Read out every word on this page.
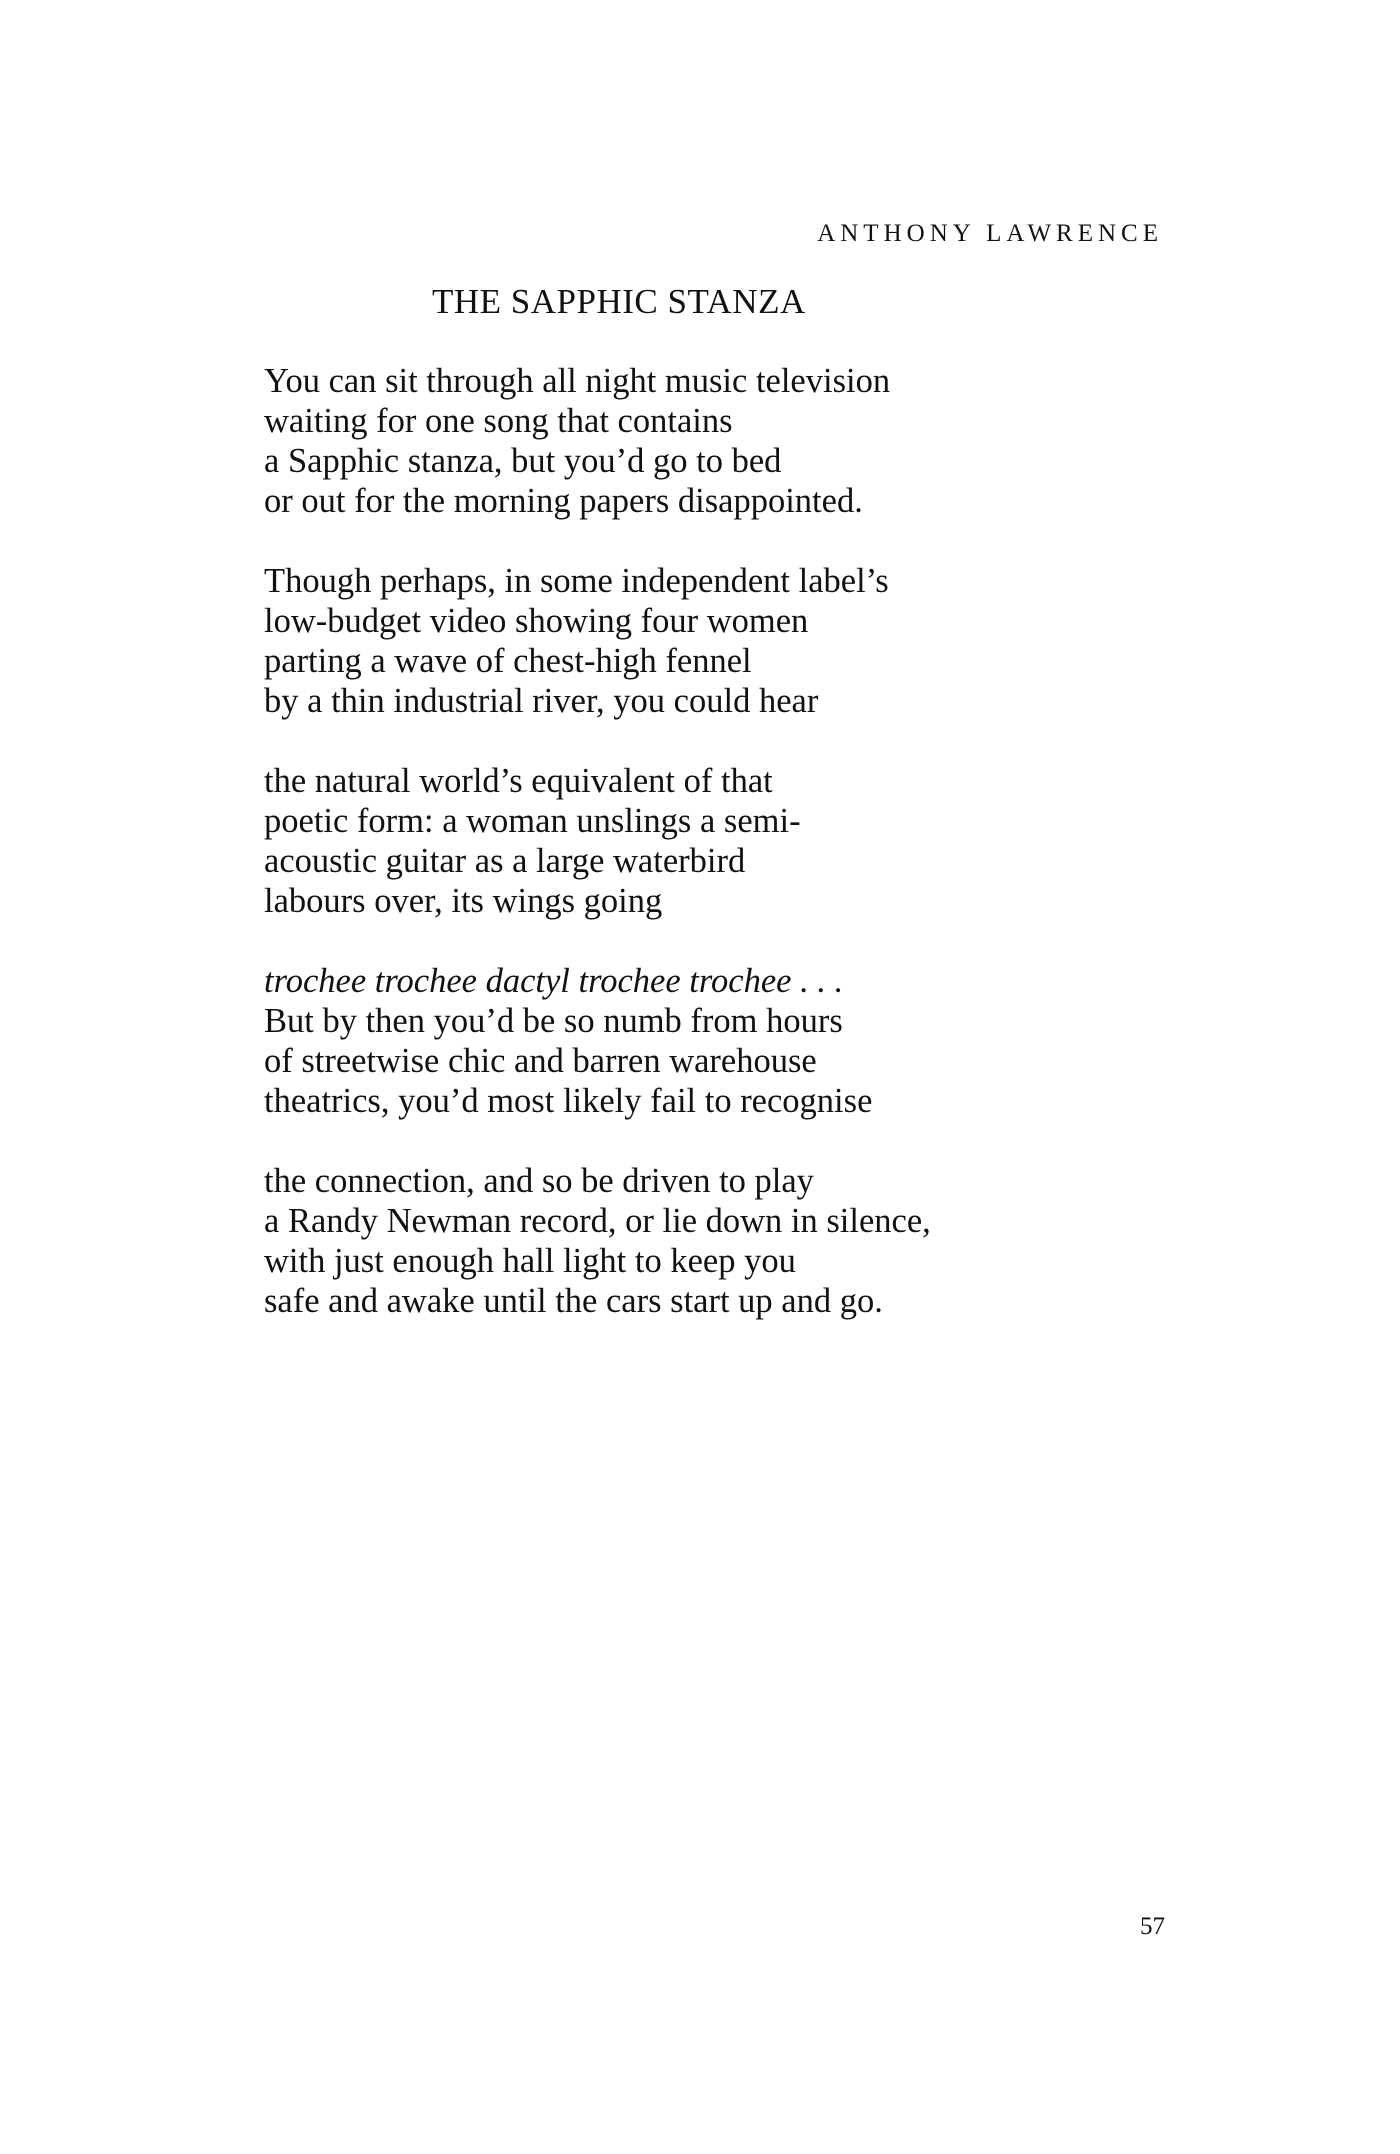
ANTHONY LAWRENCE
THE SAPPHIC STANZA
You can sit through all night music television
waiting for one song that contains
a Sapphic stanza, but you’d go to bed
or out for the morning papers disappointed.
Though perhaps, in some independent label’s
low-budget video showing four women
parting a wave of chest-high fennel
by a thin industrial river, you could hear
the natural world’s equivalent of that
poetic form: a woman unslings a semi-
acoustic guitar as a large waterbird
labours over, its wings going
trochee trochee dactyl trochee trochee . . .
But by then you’d be so numb from hours
of streetwise chic and barren warehouse
theatrics, you’d most likely fail to recognise
the connection, and so be driven to play
a Randy Newman record, or lie down in silence,
with just enough hall light to keep you
safe and awake until the cars start up and go.

57
